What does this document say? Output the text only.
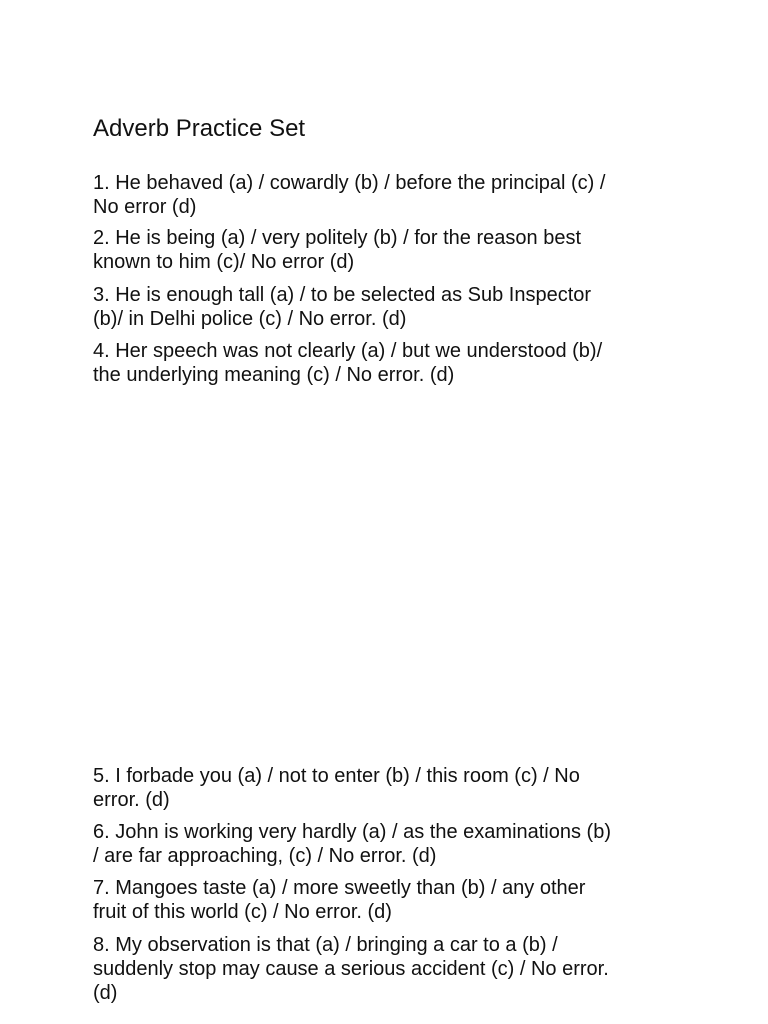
Adverb Practice Set

1. He behaved (a) / cowardly (b) / before the principal (c) /
No error (d)

2. He is being (a) / very politely (b) / for the reason best
known to him (c)/ No error (d)

3. He is enough tall (a) / to be selected as Sub Inspector
(b)/ in Delhi police (c) / No error. (d)

4. Her speech was not clearly (a) / but we understood (b)/
the underlying meaning (c) / No error. (d)

5. I forbade you (a) / not to enter (b) / this room (c) / No
error. (d)

6. John is working very hardly (a) / as the examinations (b)
/ are far approaching, (c) / No error. (d)

7. Mangoes taste (a) / more sweetly than (b) / any other
fruit of this world (c) / No error. (d)

8. My observation is that (a) / bringing a car to a (b) /
suddenly stop may cause a serious accident (c) / No error.
(d)
